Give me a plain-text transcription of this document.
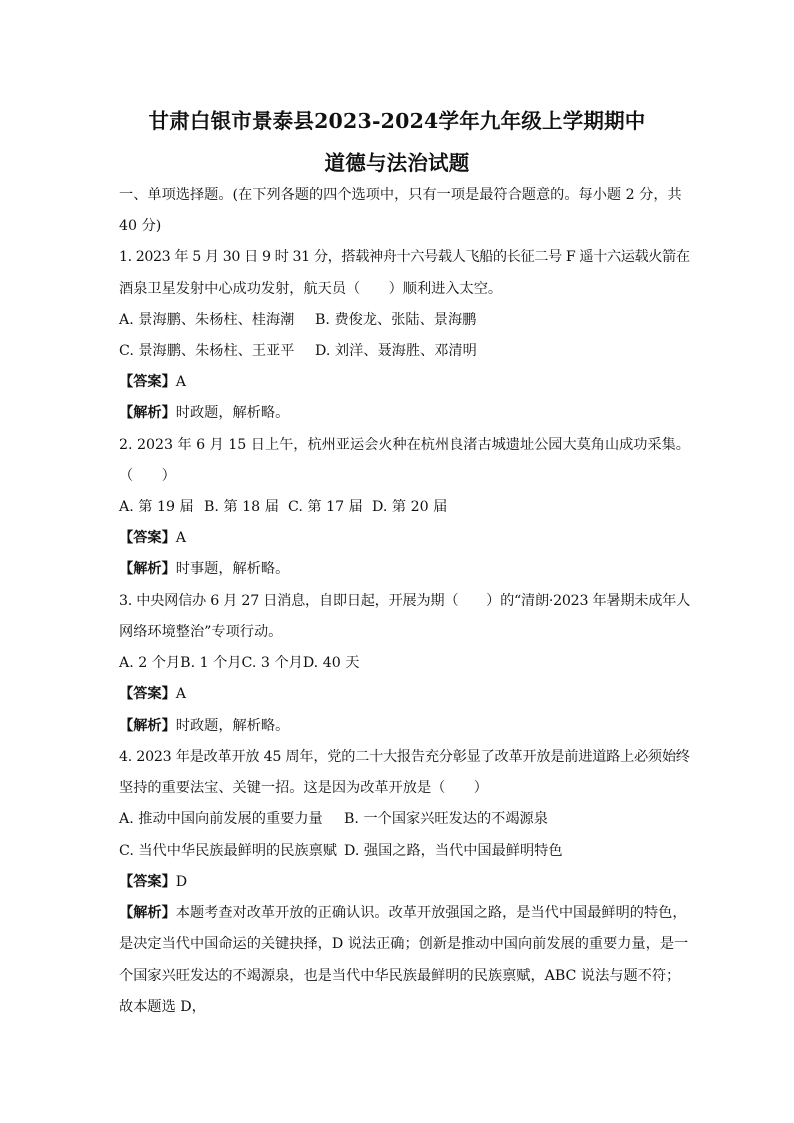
甘肃白银市景泰县2023-2024学年九年级上学期期中
道德与法治试题
一、单项选择题。(在下列各题的四个选项中，只有一项是最符合题意的。每小题 2 分，共
40 分)
1. 2023 年 5 月 30 日 9 时 31 分，搭载神舟十六号载人飞船的长征二号 F 遥十六运载火箭在
酒泉卫星发射中心成功发射，航天员（　　）顺利进入太空。
A. 景海鹏、朱杨柱、桂海潮 B. 费俊龙、张陆、景海鹏
C. 景海鹏、朱杨柱、王亚平 D. 刘洋、聂海胜、邓清明
【答案】A
【解析】时政题，解析略。
2. 2023 年 6 月 15 日上午，杭州亚运会火种在杭州良渚古城遗址公园大莫角山成功采集。
（　　）
A. 第 19 届 B. 第 18 届 C. 第 17 届 D. 第 20 届
【答案】A
【解析】时事题，解析略。
3. 中央网信办 6 月 27 日消息，自即日起，开展为期（　　）的“清朗·2023 年暑期未成年人
网络环境整治”专项行动。
A. 2 个月B. 1 个月C. 3 个月D. 40 天
【答案】A
【解析】时政题，解析略。
4. 2023 年是改革开放 45 周年，党的二十大报告充分彰显了改革开放是前进道路上必须始终
坚持的重要法宝、关键一招。这是因为改革开放是（　　）
A. 推动中国向前发展的重要力量 B. 一个国家兴旺发达的不竭源泉
C. 当代中华民族最鲜明的民族禀赋 D. 强国之路，当代中国最鲜明特色
【答案】D
【解析】本题考查对改革开放的正确认识。改革开放强国之路，是当代中国最鲜明的特色，
是决定当代中国命运的关键抉择，D 说法正确；创新是推动中国向前发展的重要力量，是一
个国家兴旺发达的不竭源泉，也是当代中华民族最鲜明的民族禀赋，ABC 说法与题不符；
故本题选 D，
